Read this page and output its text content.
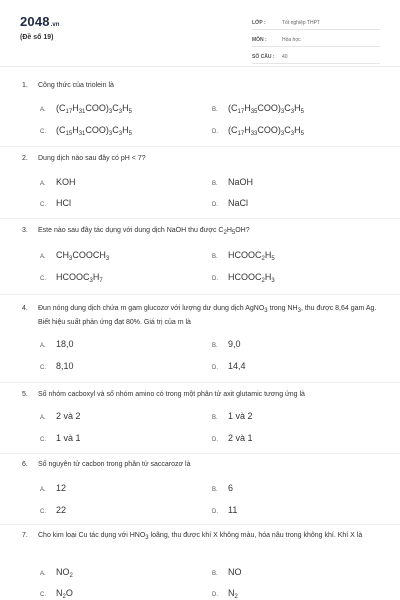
2048 .vn
(Đề số 19)
LỚP :	Tốt nghiệp THPT
MÔN :	Hóa học
SỐ CÂU :	40
1.	Công thức của triolein là
A.	$(C_{17}H_{31}COO)_3C_3H_5$	B.	$(C_{17}H_{35}COO)_3C_3H_5$
C.	$(C_{15}H_{31}COO)_3C_3H_5$	D.	$(C_{17}H_{33}COO)_3C_3H_5$
2.	Dung dịch nào sau đây có pH < 7?
A.	KOH	B.	NaOH
C.	HCl	D.	NaCl
3.	Este nào sau đây tác dụng với dung dịch NaOH thu được $C_2H_5OH$?
A.	$CH_3COOCH_3$	B.	$HCOOC_2H_5$
C.	$HCOOC_3H_7$	D.	$HCOOC_2H_3$
4.	Đun nóng dung dịch chứa m gam glucozơ với lượng dư dung dịch AgNO$_3$ trong $NH_3$, thu được 8,64 gam Ag. Biết hiệu suất phản ứng đạt 80%. Giá trị của m là
A.	18,0	B.	9,0
C.	8,10	D.	14,4
5.	Số nhóm cacboxyl và số nhóm amino có trong một phân tử axit glutamic tương ứng là
A.	2 và 2	B.	1 và 2
C.	1 và 1	D.	2 và 1
6.	Số nguyên tử cacbon trong phân tử saccarozơ là
A.	12	B.	6
C.	22	D.	11
7.	Cho kim loại Cu tác dụng với $HNO_3$ loãng, thu được khí X không màu, hóa nâu trong không khí. Khí X là
A.	$NO_2$	B.	NO
C.	$N_2O$	D.	$N_2$
